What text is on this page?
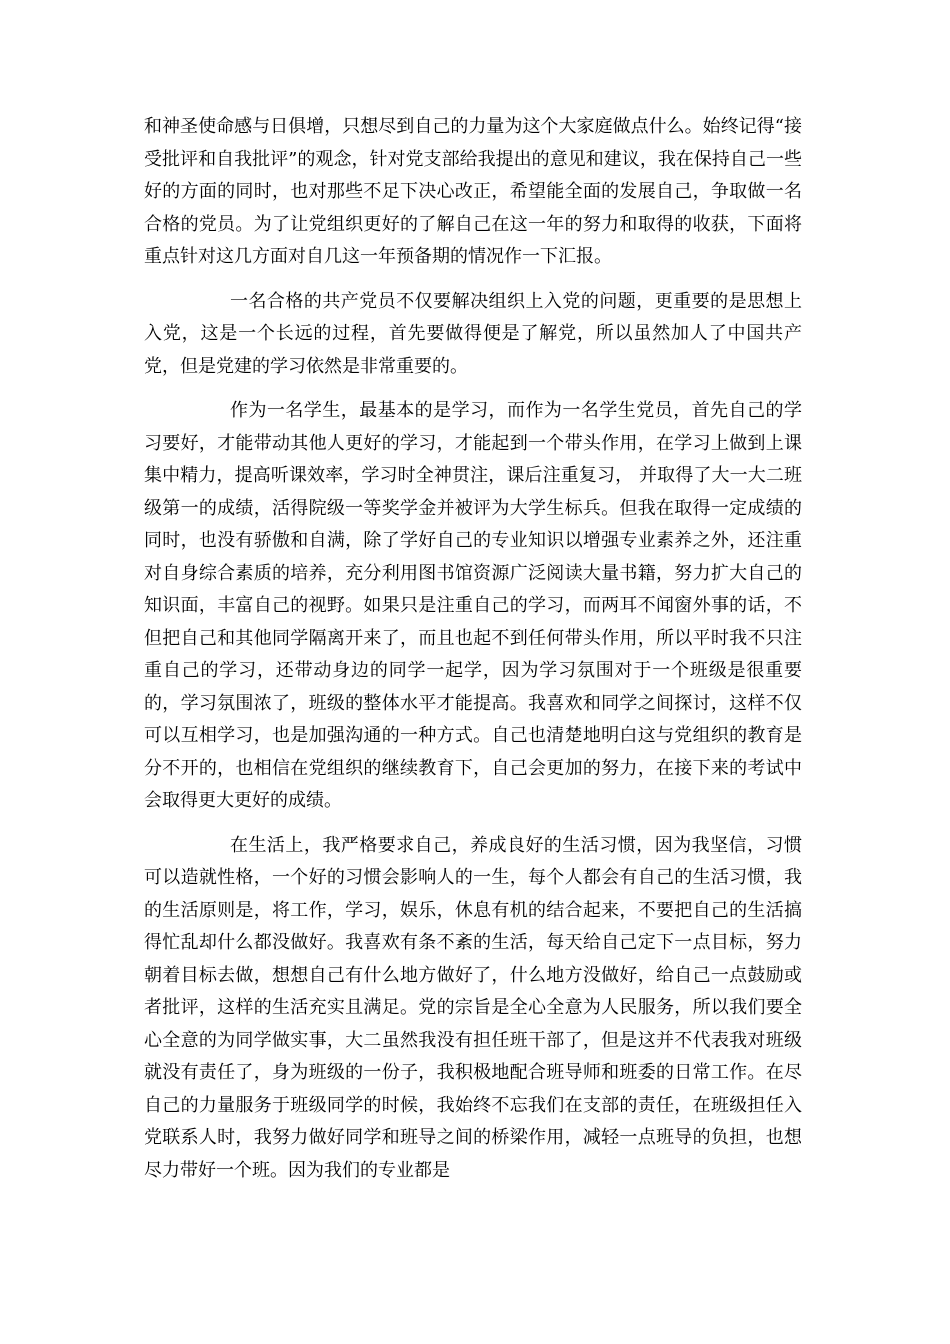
和神圣使命感与日俱增，只想尽到自己的力量为这个大家庭做点什么。始终记得“接受批评和自我批评”的观念，针对党支部给我提出的意见和建议，我在保持自己一些好的方面的同时，也对那些不足下决心改正，希望能全面的发展自己，争取做一名合格的党员。为了让党组织更好的了解自己在这一年的努力和取得的收获，下面将重点针对这几方面对自几这一年预备期的情况作一下汇报。

一名合格的共产党员不仅要解决组织上入党的问题，更重要的是思想上入党，这是一个长远的过程，首先要做得便是了解党，所以虽然加人了中国共产党，但是党建的学习依然是非常重要的。

作为一名学生，最基本的是学习，而作为一名学生党员，首先自己的学习要好，才能带动其他人更好的学习，才能起到一个带头作用，在学习上做到上课集中精力，提高听课效率，学习时全神贯注，课后注重复习， 并取得了大一大二班级第一的成绩，活得院级一等奖学金并被评为大学生标兵。但我在取得一定成绩的同时，也没有骄傲和自满，除了学好自己的专业知识以增强专业素养之外，还注重对自身综合素质的培养，充分利用图书馆资源广泛阅读大量书籍，努力扩大自己的知识面，丰富自己的视野。如果只是注重自己的学习，而两耳不闻窗外事的话，不但把自己和其他同学隔离开来了，而且也起不到任何带头作用，所以平时我不只注重自己的学习，还带动身边的同学一起学，因为学习氛围对于一个班级是很重要的，学习氛围浓了，班级的整体水平才能提高。我喜欢和同学之间探讨，这样不仅可以互相学习，也是加强沟通的一种方式。自己也清楚地明白这与党组织的教育是分不开的，也相信在党组织的继续教育下，自己会更加的努力，在接下来的考试中会取得更大更好的成绩。

在生活上，我严格要求自己，养成良好的生活习惯，因为我坚信，习惯可以造就性格，一个好的习惯会影响人的一生，每个人都会有自己的生活习惯，我的生活原则是，将工作，学习，娱乐，休息有机的结合起来，不要把自己的生活搞得忙乱却什么都没做好。我喜欢有条不紊的生活，每天给自己定下一点目标，努力朝着目标去做，想想自己有什么地方做好了，什么地方没做好，给自己一点鼓励或者批评，这样的生活充实且满足。党的宗旨是全心全意为人民服务，所以我们要全心全意的为同学做实事，大二虽然我没有担任班干部了，但是这并不代表我对班级就没有责任了，身为班级的一份子，我积极地配合班导师和班委的日常工作。在尽自己的力量服务于班级同学的时候，我始终不忘我们在支部的责任，在班级担任入党联系人时，我努力做好同学和班导之间的桥梁作用，减轻一点班导的负担，也想尽力带好一个班。因为我们的专业都是
